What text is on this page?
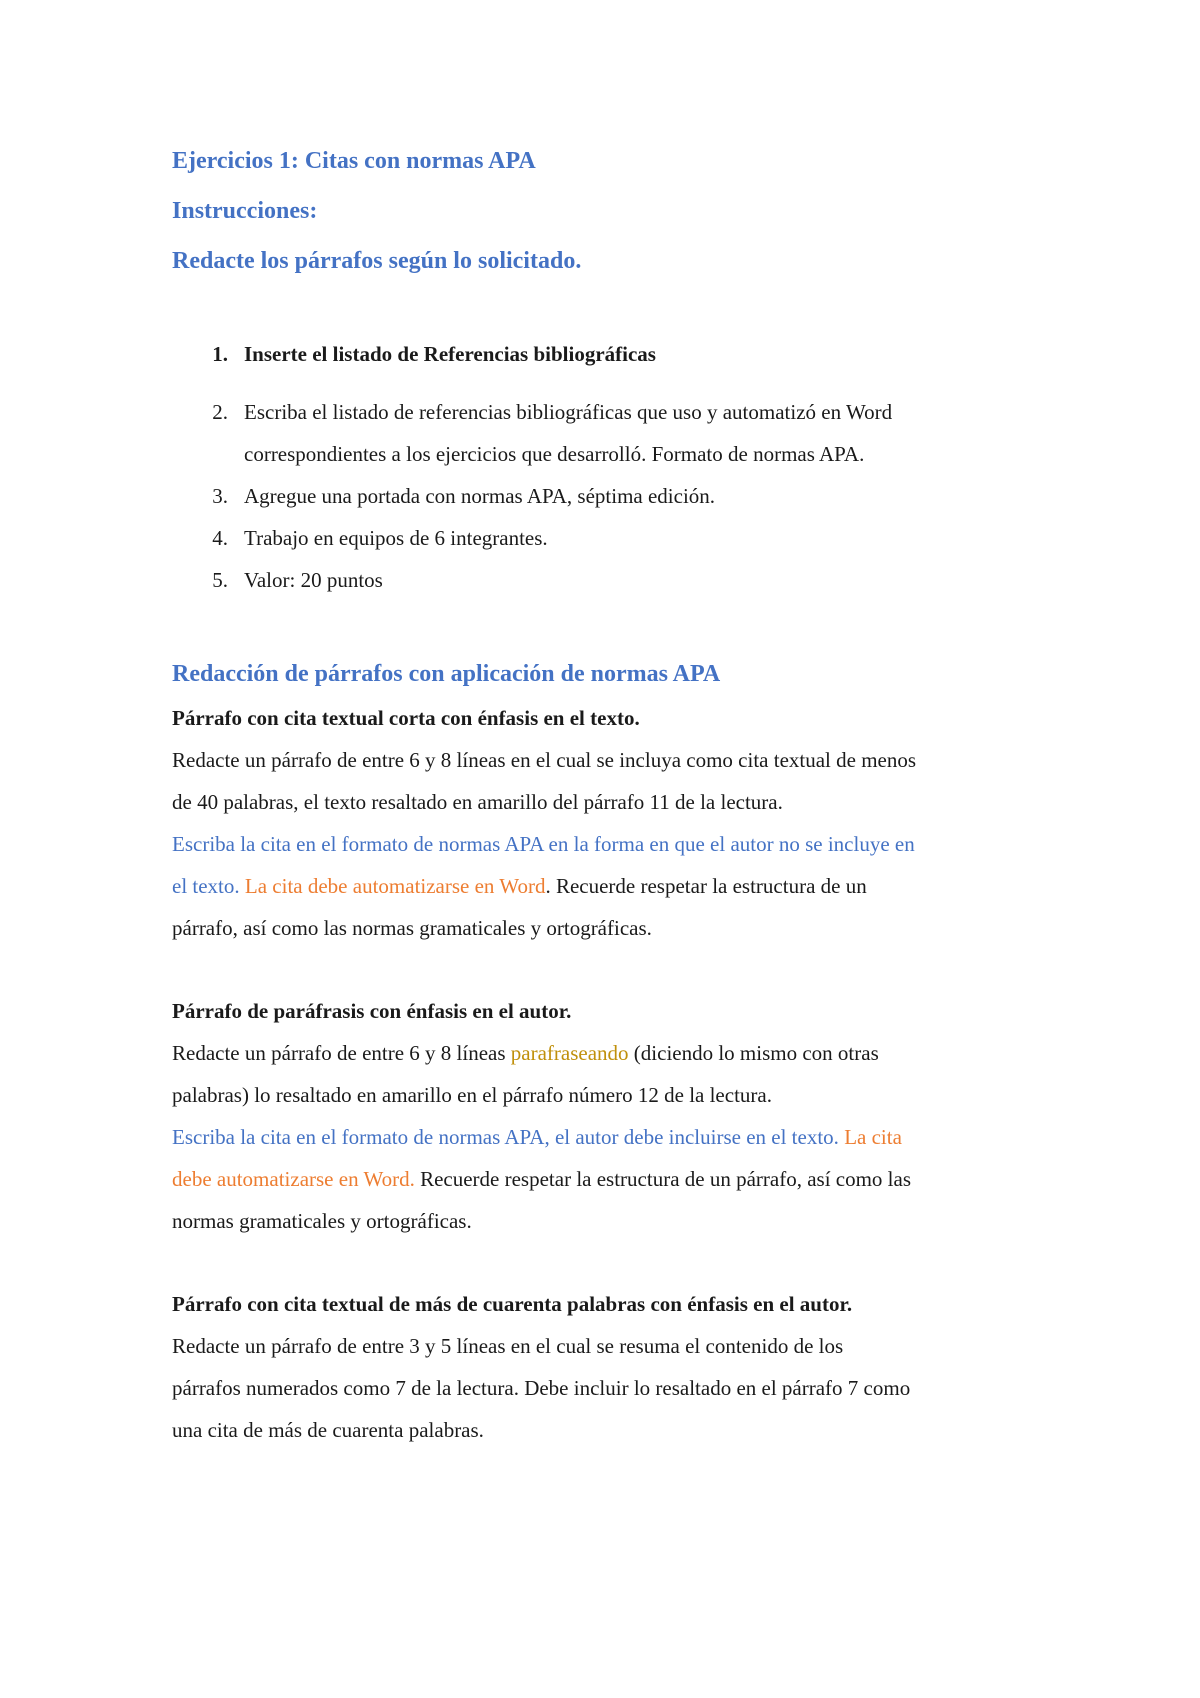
Ejercicios 1: Citas con normas APA
Instrucciones:
Redacte los párrafos según lo solicitado.
1. Inserte el listado de Referencias bibliográficas
2. Escriba el listado de referencias bibliográficas que uso y automatizó en Word
correspondientes a los ejercicios que desarrolló. Formato de normas APA.
3. Agregue una portada con normas APA, séptima edición.
4. Trabajo en equipos de 6 integrantes.
5. Valor: 20 puntos
Redacción de párrafos con aplicación de normas APA

Párrafo con cita textual corta con énfasis en el texto.

Redacte un párrafo de entre 6 y 8 líneas en el cual se incluya como cita textual de menos

de 40 palabras, el texto resaltado en amarillo del párrafo 11 de la lectura.

Escriba la cita en el formato de normas APA en la forma en que el autor no se incluye en

el texto. La cita debe automatizarse en Word. Recuerde respetar la estructura de un

párrafo, así como las normas gramaticales y ortográficas.

Párrafo de paráfrasis con énfasis en el autor.

Redacte un párrafo de entre 6 y 8 líneas parafraseando (diciendo lo mismo con otras

palabras) lo resaltado en amarillo en el párrafo número 12 de la lectura.

Escriba la cita en el formato de normas APA, el autor debe incluirse en el texto. La cita

debe automatizarse en Word. Recuerde respetar la estructura de un párrafo, así como las

normas gramaticales y ortográficas.

Párrafo con cita textual de más de cuarenta palabras con énfasis en el autor.

Redacte un párrafo de entre 3 y 5 líneas en el cual se resuma el contenido de los

párrafos numerados como 7 de la lectura. Debe incluir lo resaltado en el párrafo 7 como

una cita de más de cuarenta palabras.
